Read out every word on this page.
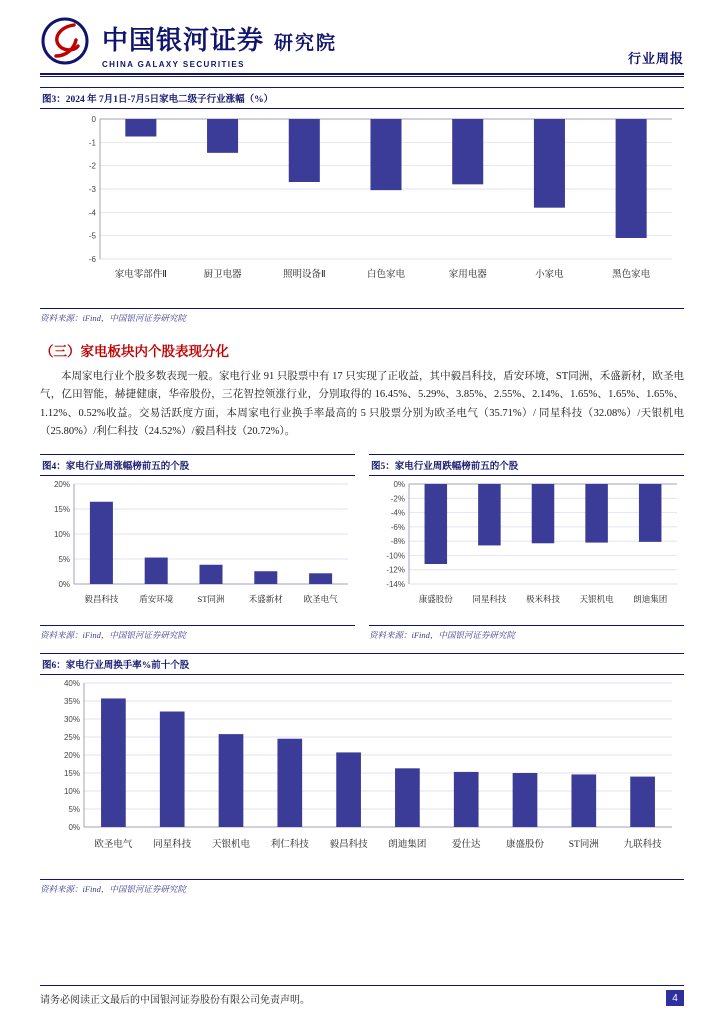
中国银河证券 研究院
CHINA GALAXY SECURITIES	行业周报
图3：2024 年 7月1日-7月5日家电二级子行业涨幅（%）
0
-1
-2
-3
-4
-5
-6
家电零部件Ⅱ	厨卫电器	照明设备Ⅱ	白色家电	家用电器	小家电	黑色家电
资料来源：iFind，中国银河证券研究院
（三）家电板块内个股表现分化
本周家电行业个股多数表现一般。家电行业 91 只股票中有 17 只实现了正收益，其中毅昌科技，盾安环境，ST同洲，禾盛新材，欧圣电气，亿田智能，赫捷健康，华帝股份，三花智控领涨行业，分别取得的 16.45%、5.29%、3.85%、2.55%、2.14%、1.65%、1.65%、1.65%、1.12%、0.52%收益。交易活跃度方面，本周家电行业换手率最高的 5 只股票分别为欧圣电气（35.71%）/ 同星科技（32.08%）/天银机电（25.80%）/利仁科技（24.52%）/毅昌科技（20.72%）。
图4：家电行业周涨幅榜前五的个股
0%
5%
10%
15%
20%
毅昌科技 盾安环境	ST同洲	禾盛新材 欧圣电气
资料来源：iFind，中国银河证券研究院
图5：家电行业周跌幅榜前五的个股
0%
-2%
-4%
-6%
-8%
-10%
-12%
-14%
康盛股份 同星科技 极米科技 天银机电 朗迪集团
资料来源：iFind，中国银河证券研究院
图6：家电行业周换手率%前十个股
0%
5%
10%
15%
20%
25%
30%
35%
40%
欧圣电气 同星科技 天银机电 利仁科技 毅昌科技 朗迪集团	爱仕达	康盛股份	ST同洲	九联科技
资料来源：iFind，中国银河证券研究院
请务必阅读正文最后的中国银河证券股份有限公司免责声明。	4
